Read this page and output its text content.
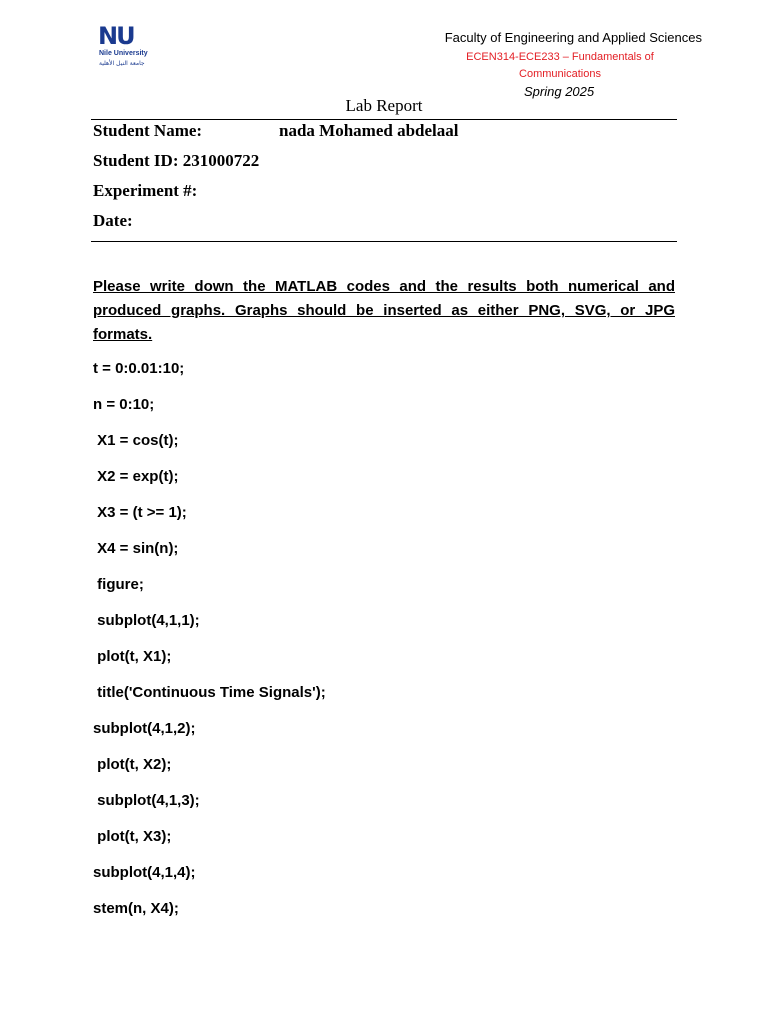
NU
Nile University
جامعة النيل الأهلية
Faculty of Engineering and Applied Sciences
ECEN314-ECE233 – Fundamentals of
Communications
Spring 2025
Lab Report
Student Name:	nada Mohamed abdelaal
Student ID: 231000722
Experiment #:
Date:
Please write down the MATLAB codes and the results both numerical and produced graphs. Graphs should be inserted as either PNG, SVG, or JPG formats.
t = 0:0.01:10;
n = 0:10;
X1 = cos(t);
X2 = exp(t);
X3 = (t >= 1);
X4 = sin(n);
figure;
subplot(4,1,1);
plot(t, X1);
title('Continuous Time Signals');
subplot(4,1,2);
plot(t, X2);
subplot(4,1,3);
plot(t, X3);
subplot(4,1,4);
stem(n, X4);
